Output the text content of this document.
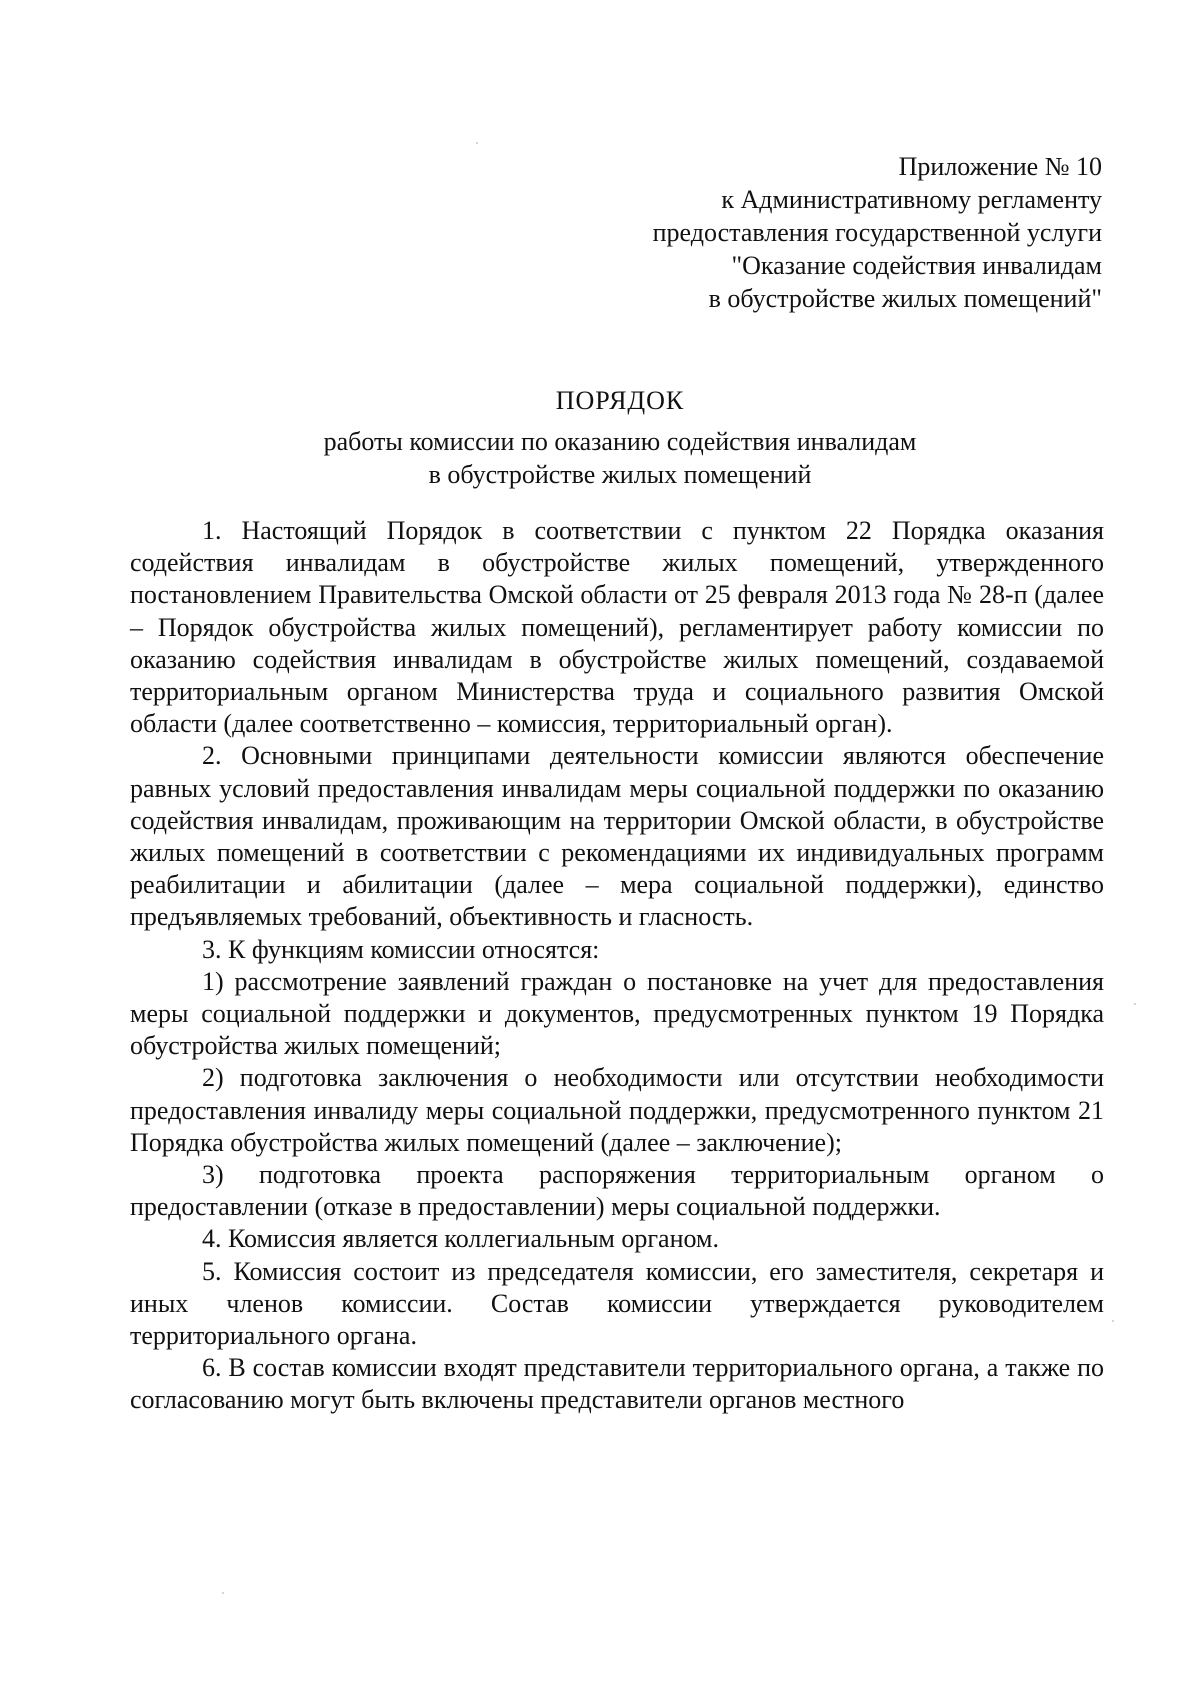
Приложение № 10
к Административному регламенту
предоставления государственной услуги
"Оказание содействия инвалидам
в обустройстве жилых помещений"
ПОРЯДОК
работы комиссии по оказанию содействия инвалидам
в обустройстве жилых помещений

1. Настоящий Порядок в соответствии с пунктом 22 Порядка оказания содействия инвалидам в обустройстве жилых помещений, утвержденного постановлением Правительства Омской области от 25 февраля 2013 года № 28-п (далее – Порядок обустройства жилых помещений), регламентирует работу комиссии по оказанию содействия инвалидам в обустройстве жилых помещений, создаваемой территориальным органом Министерства труда и социального развития Омской области (далее соответственно – комиссия, территориальный орган).

2. Основными принципами деятельности комиссии являются обеспечение равных условий предоставления инвалидам меры социальной поддержки по оказанию содействия инвалидам, проживающим на территории Омской области, в обустройстве жилых помещений в соответствии с рекомендациями их индивидуальных программ реабилитации и абилитации (далее – мера социальной поддержки), единство предъявляемых требований, объективность и гласность.

3. К функциям комиссии относятся:

1) рассмотрение заявлений граждан о постановке на учет для предоставления меры социальной поддержки и документов, предусмотренных пунктом 19 Порядка обустройства жилых помещений;

2) подготовка заключения о необходимости или отсутствии необходимости предоставления инвалиду меры социальной поддержки, предусмотренного пунктом 21 Порядка обустройства жилых помещений (далее – заключение);

3) подготовка проекта распоряжения территориальным органом о предоставлении (отказе в предоставлении) меры социальной поддержки.

4. Комиссия является коллегиальным органом.

5. Комиссия состоит из председателя комиссии, его заместителя, секретаря и иных членов комиссии. Состав комиссии утверждается руководителем территориального органа.

6. В состав комиссии входят представители территориального органа, а также по согласованию могут быть включены представители органов местного
